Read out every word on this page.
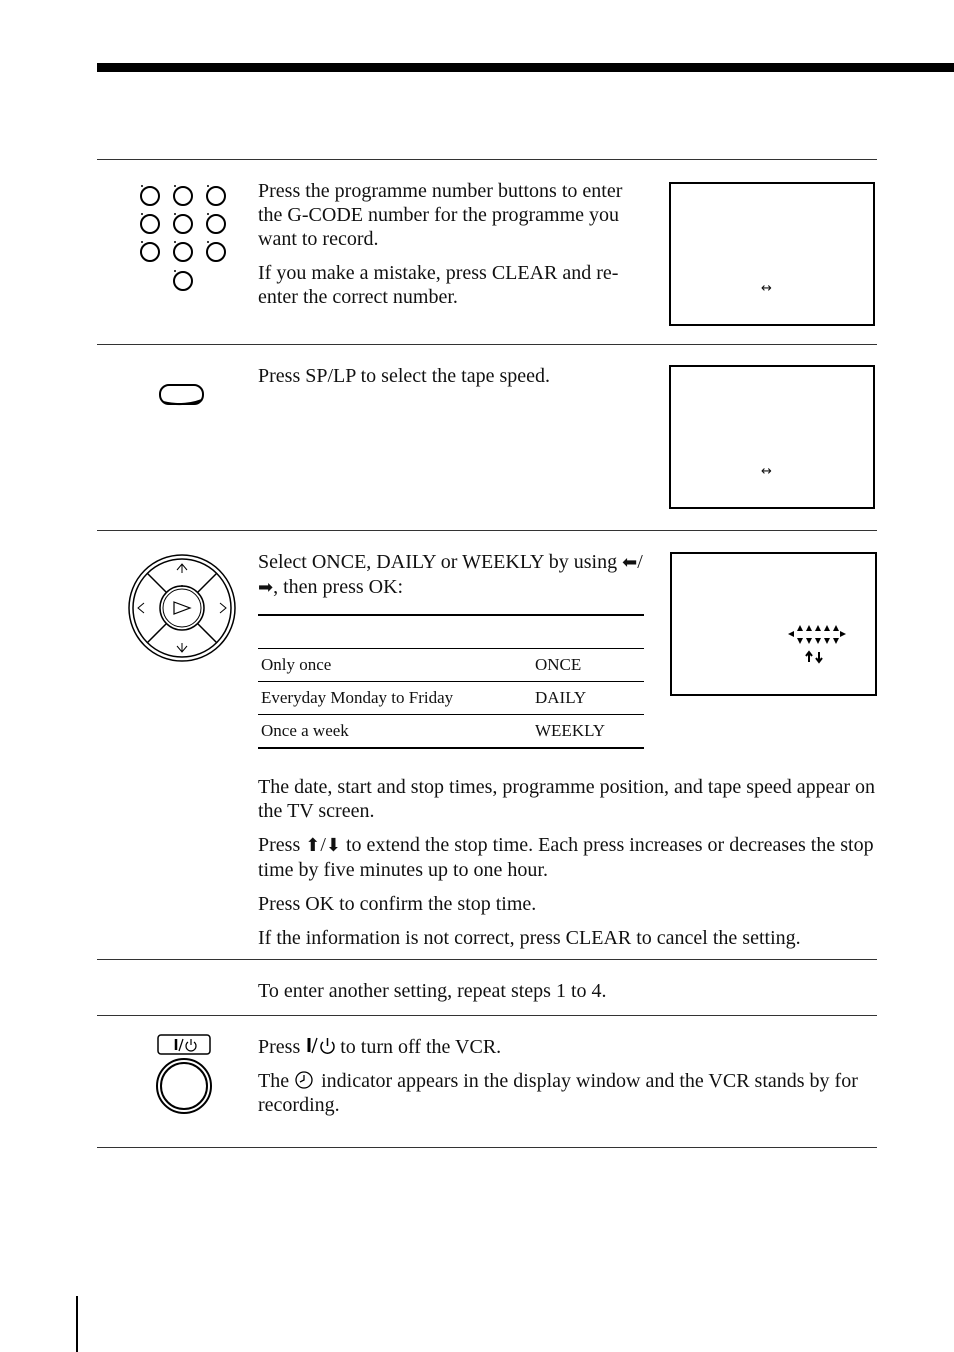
Press the programme number buttons to enter the G-CODE number for the programme you want to record.

If you make a mistake, press CLEAR and re-enter the correct number.	↔

Press SP/LP to select the tape speed.

↔

Select ONCE, DAILY or WEEKLY by using ⬅/➡, then press OK:

Only once	ONCE
Everyday Monday to Friday	DAILY
Once a week	WEEKLY

The date, start and stop times, programme position, and tape speed appear on the TV screen.

Press ⬆/⬇ to extend the stop time. Each press increases or decreases the stop time by five minutes up to one hour.

Press OK to confirm the stop time.

If the information is not correct, press CLEAR to cancel the setting.

To enter another setting, repeat steps 1 to 4.

Press  to turn off the VCR.

The  indicator appears in the display window and the VCR stands by for recording.
